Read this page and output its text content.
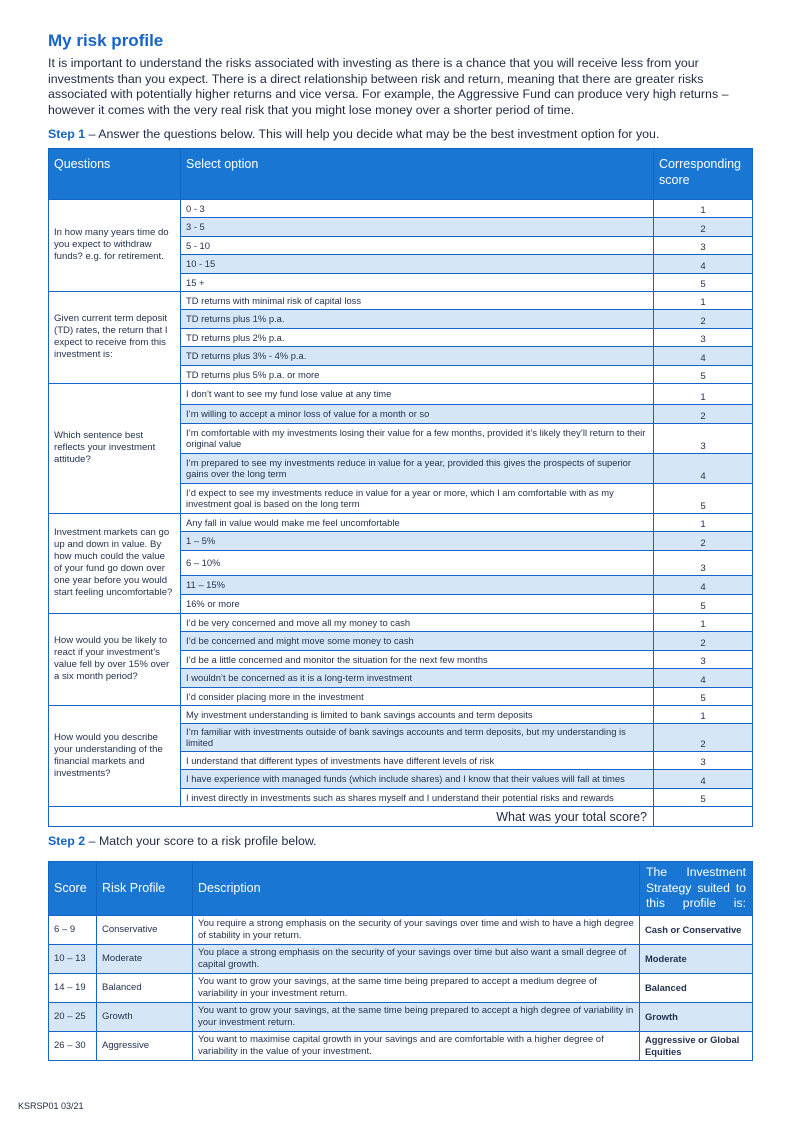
My risk profile

It is important to understand the risks associated with investing as there is a chance that you will receive less from your investments than you expect. There is a direct relationship between risk and return, meaning that there are greater risks associated with potentially higher returns and vice versa. For example, the Aggressive Fund can produce very high returns – however it comes with the very real risk that you might lose money over a shorter period of time.

Step 1 – Answer the questions below. This will help you decide what may be the best investment option for you.

Questions	Select option	Corresponding score
In how many years time do you expect to withdraw funds? e.g. for retirement.	0 - 3	1
	3 - 5	2
	5 - 10	3
	10 - 15	4
	15 +	5
Given current term deposit (TD) rates, the return that I expect to receive from this investment is:	TD returns with minimal risk of capital loss	1
	TD returns plus 1% p.a.	2
	TD returns plus 2% p.a.	3
	TD returns plus 3% - 4% p.a.	4
	TD returns plus 5% p.a. or more	5
Which sentence best reflects your investment attitude?	I don’t want to see my fund lose value at any time	1
	I’m willing to accept a minor loss of value for a month or so	2
	I’m comfortable with my investments losing their value for a few months, provided it’s likely they’ll return to their original value	3
	I’m prepared to see my investments reduce in value for a year, provided this gives the prospects of superior gains over the long term	4
	I’d expect to see my investments reduce in value for a year or more, which I am comfortable with as my investment goal is based on the long term	5
Investment markets can go up and down in value. By how much could the value of your fund go down over one year before you would start feeling uncomfortable?	Any fall in value would make me feel uncomfortable	1
	1 – 5%	2
	6 – 10%	3
	11 – 15%	4
	16% or more	5
How would you be likely to react if your investment’s value fell by over 15% over a six month period?	I’d be very concerned and move all my money to cash	1
	I’d be concerned and might move some money to cash	2
	I’d be a little concerned and monitor the situation for the next few months	3
	I wouldn’t be concerned as it is a long-term investment	4
	I’d consider placing more in the investment	5
How would you describe your understanding of the financial markets and investments?	My investment understanding is limited to bank savings accounts and term deposits	1
	I’m familiar with investments outside of bank savings accounts and term deposits, but my understanding is limited	2
	I understand that different types of investments have different levels of risk	3
	I have experience with managed funds (which include shares) and I know that their values will fall at times	4
	I invest directly in investments such as shares myself and I understand their potential risks and rewards	5
What was your total score?		

Step 2 – Match your score to a risk profile below.

Score	Risk Profile	Description	The Investment Strategy suited to this profile is:
6 – 9	Conservative	You require a strong emphasis on the security of your savings over time and wish to have a high degree of stability in your return.	Cash or Conservative
10 – 13	Moderate	You place a strong emphasis on the security of your savings over time but also want a small degree of capital growth.	Moderate
14 – 19	Balanced	You want to grow your savings, at the same time being prepared to accept a medium degree of variability in your investment return.	Balanced
20 – 25	Growth	You want to grow your savings, at the same time being prepared to accept a high degree of variability in your investment return.	Growth
26 – 30	Aggressive	You want to maximise capital growth in your savings and are comfortable with a higher degree of variability in the value of your investment.	Aggressive or Global Equities
KSRSP01 03/21
